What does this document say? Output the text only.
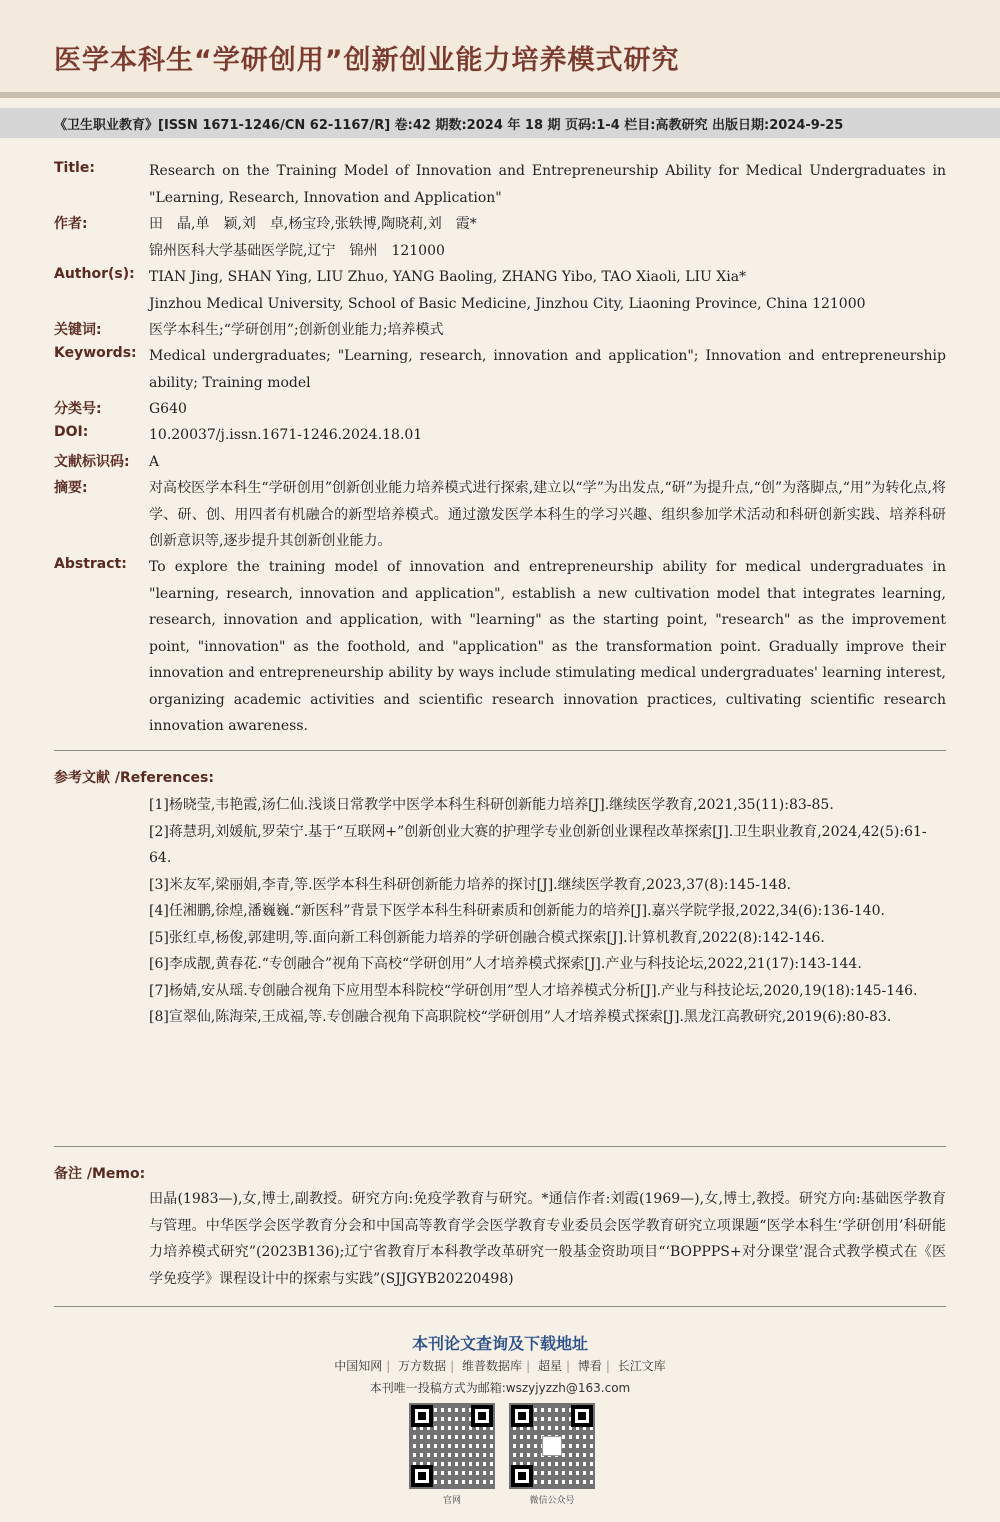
医学本科生“学研创用”创新创业能力培养模式研究
《卫生职业教育》[ISSN 1671-1246/CN 62-1167/R] 卷:42 期数:2024 年 18 期 页码:1-4 栏目:高教研究 出版日期:2024-9-25
Title:	Research on the Training Model of Innovation and Entrepreneurship Ability for Medical Undergraduates in "Learning, Research, Innovation and Application"
作者:	田　晶,单　颖,刘　卓,杨宝玲,张轶博,陶晓莉,刘　霞*
锦州医科大学基础医学院,辽宁　锦州　121000
Author(s): TIAN Jing, SHAN Ying, LIU Zhuo, YANG Baoling, ZHANG Yibo, TAO Xiaoli, LIU Xia*
Jinzhou Medical University, School of Basic Medicine, Jinzhou City, Liaoning Province, China 121000
关键词:	医学本科生;“学研创用”;创新创业能力;培养模式
Keywords: Medical undergraduates; "Learning, research, innovation and application"; Innovation and entrepreneurship ability; Training model
分类号:	G640
DOI:	10.20037/j.issn.1671-1246.2024.18.01
文献标识码: A
摘要:	对高校医学本科生“学研创用”创新创业能力培养模式进行探索,建立以“学”为出发点,“研”为提升点,“创”为落脚点,“用”为转化点,将学、研、创、用四者有机融合的新型培养模式。通过激发医学本科生的学习兴趣、组织参加学术活动和科研创新实践、培养科研创新意识等,逐步提升其创新创业能力。
Abstract: To explore the training model of innovation and entrepreneurship ability for medical undergraduates in "learning, research, innovation and application", establish a new cultivation model that integrates learning, research, innovation and application, with "learning" as the starting point, "research" as the improvement point, "innovation" as the foothold, and "application" as the transformation point. Gradually improve their innovation and entrepreneurship ability by ways include stimulating medical undergraduates' learning interest, organizing academic activities and scientific research innovation practices, cultivating scientific research innovation awareness.
参考文献 /References:
[1]杨晓莹,韦艳霞,汤仁仙.浅谈日常教学中医学本科生科研创新能力培养[J].继续医学教育,2021,35(11):83-85.
[2]蒋慧玥,刘媛航,罗荣宁.基于“互联网+”创新创业大赛的护理学专业创新创业课程改革探索[J].卫生职业教育,2024,42(5):61-64.
[3]米友军,梁丽娟,李青,等.医学本科生科研创新能力培养的探讨[J].继续医学教育,2023,37(8):145-148.
[4]任湘鹏,徐煌,潘巍巍.“新医科”背景下医学本科生科研素质和创新能力的培养[J].嘉兴学院学报,2022,34(6):136-140.
[5]张红卓,杨俊,郭建明,等.面向新工科创新能力培养的学研创融合模式探索[J].计算机教育,2022(8):142-146.
[6]李成靓,黄春花.“专创融合”视角下高校“学研创用”人才培养模式探索[J].产业与科技论坛,2022,21(17):143-144.
[7]杨婧,安从瑶.专创融合视角下应用型本科院校“学研创用”型人才培养模式分析[J].产业与科技论坛,2020,19(18):145-146.
[8]宣翠仙,陈海荣,王成福,等.专创融合视角下高职院校“学研创用”人才培养模式探索[J].黑龙江高教研究,2019(6):80-83.
备注 /Memo:
田晶(1983—),女,博士,副教授。研究方向:免疫学教育与研究。*通信作者:刘霞(1969—),女,博士,教授。研究方向:基础医学教育与管理。中华医学会医学教育分会和中国高等教育学会医学教育专业委员会医学教育研究立项课题“医学本科生‘学研创用’科研能力培养模式研究”(2023B136);辽宁省教育厅本科教学改革研究一般基金资助项目“‘BOPPPS+对分课堂’混合式教学模式在《医学免疫学》课程设计中的探索与实践”(SJJGYB20220498)
本刊论文查询及下载地址
中国知网 | 万方数据 | 维普数据库 | 超星 | 博看 | 长江文库
本刊唯一投稿方式为邮箱:wszyjyzzh@163.com
官网	微信公众号
